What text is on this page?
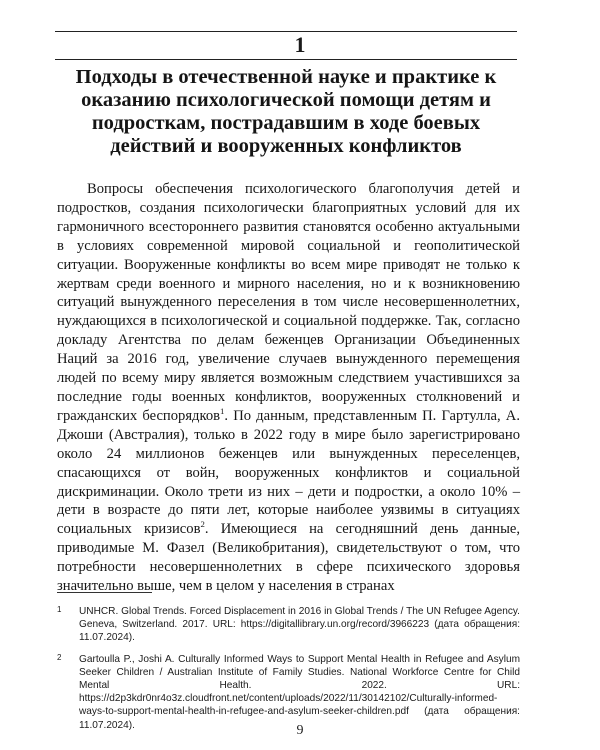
1
Подходы в отечественной науке и практике к оказанию психологической помощи детям и подросткам, пострадавшим в ходе боевых действий и вооруженных конфликтов

Вопросы обеспечения психологического благополучия детей и подростков, создания психологически благоприятных условий для их гармоничного всестороннего развития становятся особенно актуальными в условиях современной мировой социальной и геополитической ситуации. Вооруженные конфликты во всем мире приводят не только к жертвам среди военного и мирного населения, но и к возникновению ситуаций вынужденного переселения в том числе несовершеннолетних, нуждающихся в психологической и социальной поддержке. Так, согласно докладу Агентства по делам беженцев Организации Объединенных Наций за 2016 год, увеличение случаев вынужденного перемещения людей по всему миру является возможным следствием участившихся за последние годы военных конфликтов, вооруженных столкновений и гражданских беспорядков$^1$. По данным, представленным П. Гартулла, А. Джоши (Австралия), только в 2022 году в мире было зарегистрировано около 24 миллионов беженцев или вынужденных переселенцев, спасающихся от войн, вооруженных конфликтов и социальной дискриминации. Около трети из них – дети и подростки, а около 10% – дети в возрасте до пяти лет, которые наиболее уязвимы в ситуациях социальных кризисов$^2$. Имеющиеся на сегодняшний день данные, приводимые М. Фазел (Великобритания), свидетельствуют о том, что потребности несовершеннолетних в сфере психического здоровья значительно выше, чем в целом у населения в странах

1 UNHCR. Global Trends. Forced Displacement in 2016 in Global Trends / The UN Refugee Agency. Geneva, Switzerland. 2017. URL: https://digitallibrary.un.org/record/3966223 (дата обращения: 11.07.2024).
2 Gartoulla P., Joshi A. Culturally Informed Ways to Support Mental Health in Refugee and Asylum Seeker Children / Australian Institute of Family Studies. National Workforce Centre for Child Mental Health. 2022. URL: https://d2p3kdr0nr4o3z.cloudfront.net/content/uploads/2022/11/30142102/Culturally-informed-ways-to-support-mental-health-in-refugee-and-asylum-seeker-children.pdf (дата обращения: 11.07.2024).	9
